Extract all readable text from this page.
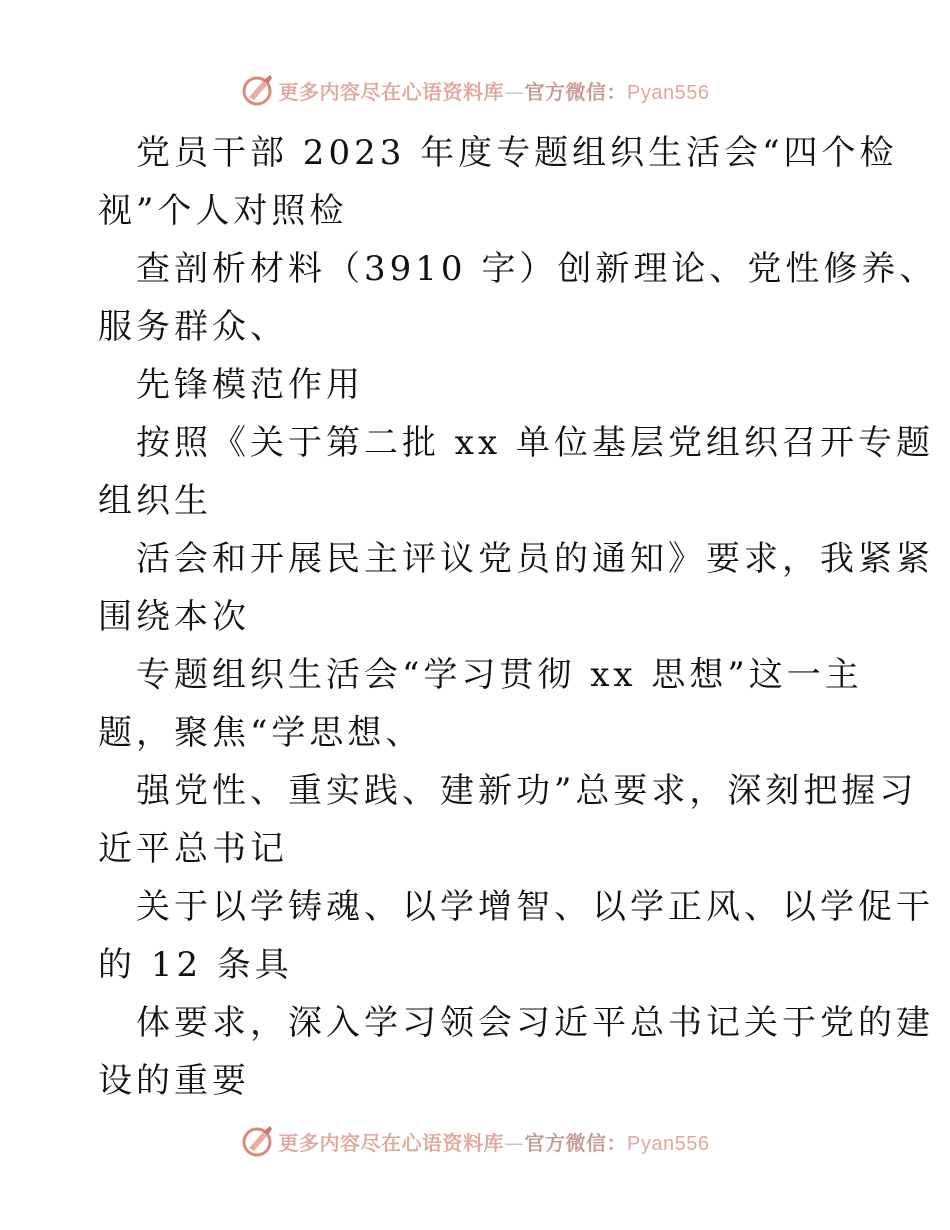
更多内容尽在心语资料库—官方微信：Pyan556

党员干部 2023 年度专题组织生活会“四个检

视”个人对照检

查剖析材料（3910 字）创新理论、党性修养、

服务群众、

先锋模范作用

按照《关于第二批 xx 单位基层党组织召开专题

组织生

活会和开展民主评议党员的通知》要求，我紧紧

围绕本次

专题组织生活会“学习贯彻 xx 思想”这一主

题，聚焦“学思想、

强党性、重实践、建新功”总要求，深刻把握习

近平总书记

关于以学铸魂、以学增智、以学正风、以学促干

的 12 条具

体要求，深入学习领会习近平总书记关于党的建

设的重要

更多内容尽在心语资料库—官方微信：Pyan556
